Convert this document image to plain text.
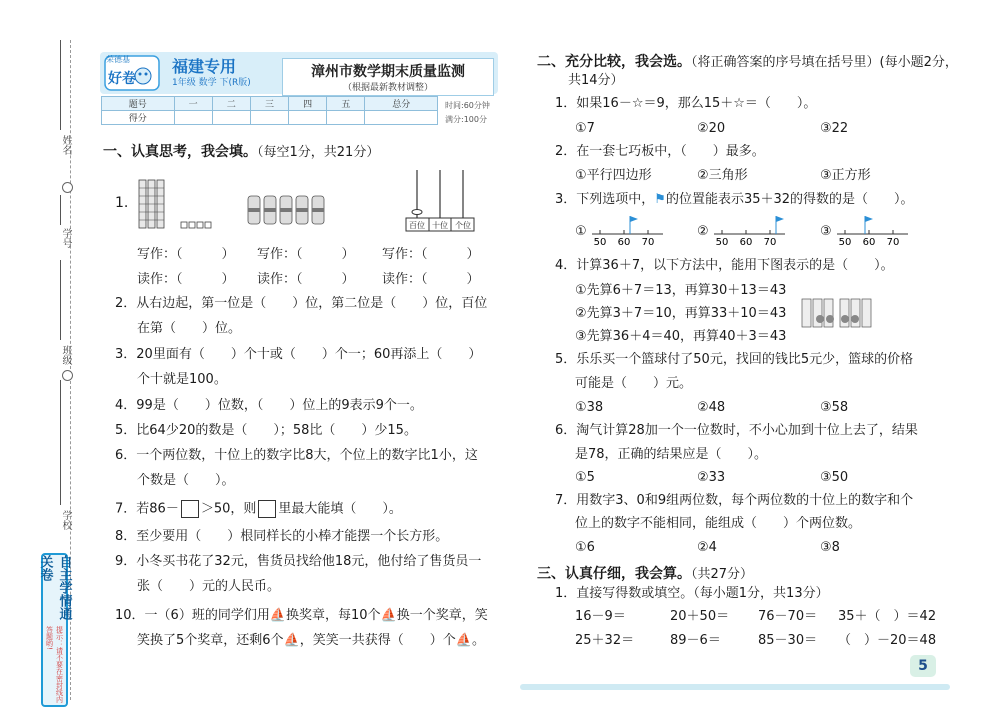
姓名
学号
班级
学校
自主学情通关卷
提示：请不要在密封线内答题哟!
荣德基
好卷
福建专用
1年级 数学 下(R版)
漳州市数学期末质量监测
（根据最新教材调整）
题号	一	二	三	四	五	总分
得分						
时间:60分钟
满分:100分
一、认真思考，我会填。（每空1分，共21分）
1.
百位 十位 个位
写作：（　　　）
读作：（　　　）
写作：（　　　）
读作：（　　　）
写作：（　　　）
读作：（　　　）
2．从右边起，第一位是（　　）位，第二位是（　　）位，百位
在第（　　）位。
3．20里面有（　　）个十或（　　）个一；60再添上（　　）
个十就是100。
4．99是（　　）位数，（　　）位上的9表示9个一。
5．比64少20的数是（　　）；58比（　　）少15。
6．一个两位数，十位上的数字比8大，个位上的数字比1小，这
个数是（　　）。
7．若86－ ＞50，则 里最大能填（　　）。
8．至少要用（　　）根同样长的小棒才能摆一个长方形。
9．小冬买书花了32元，售货员找给他18元，他付给了售货员一
张（　　）元的人民币。
10．一（6）班的同学们用⛵换奖章，每10个⛵换一个奖章，笑
笑换了5个奖章，还剩6个⛵，笑笑一共获得（　　）个⛵。
二、充分比较，我会选。（将正确答案的序号填在括号里）(每小题2分，
共14分）
1．如果16－☆＝9，那么15＋☆＝（　　）。
①7	②20	③22
2．在一套七巧板中，（　　）最多。
①平行四边形	②三角形	③正方形
3．下列选项中，⚑的位置能表示35＋32的得数的是（　　）。
①
50 60 70
②
50 60 70
③
50 60 70
4．计算36＋7，以下方法中，能用下图表示的是（　　）。
①先算6＋7＝13，再算30＋13＝43
②先算3＋7＝10，再算33＋10＝43
③先算36＋4＝40，再算40＋3＝43
5．乐乐买一个篮球付了50元，找回的钱比5元少，篮球的价格
可能是（　　）元。
①38	②48	③58
6．淘气计算28加一个一位数时，不小心加到十位上去了，结果
是78，正确的结果应是（　　）。
①5	②33	③50
7．用数字3、0和9组两位数，每个两位数的十位上的数字和个
位上的数字不能相同，能组成（　　）个两位数。
①6	②4	③8
三、认真仔细，我会算。（共27分）
1．直接写得数或填空。（每小题1分，共13分）
16－9＝	20＋50＝ 76－70＝ 35＋（　）＝42
25＋32＝	89－6＝	85－30＝ （　）－20＝48
5
